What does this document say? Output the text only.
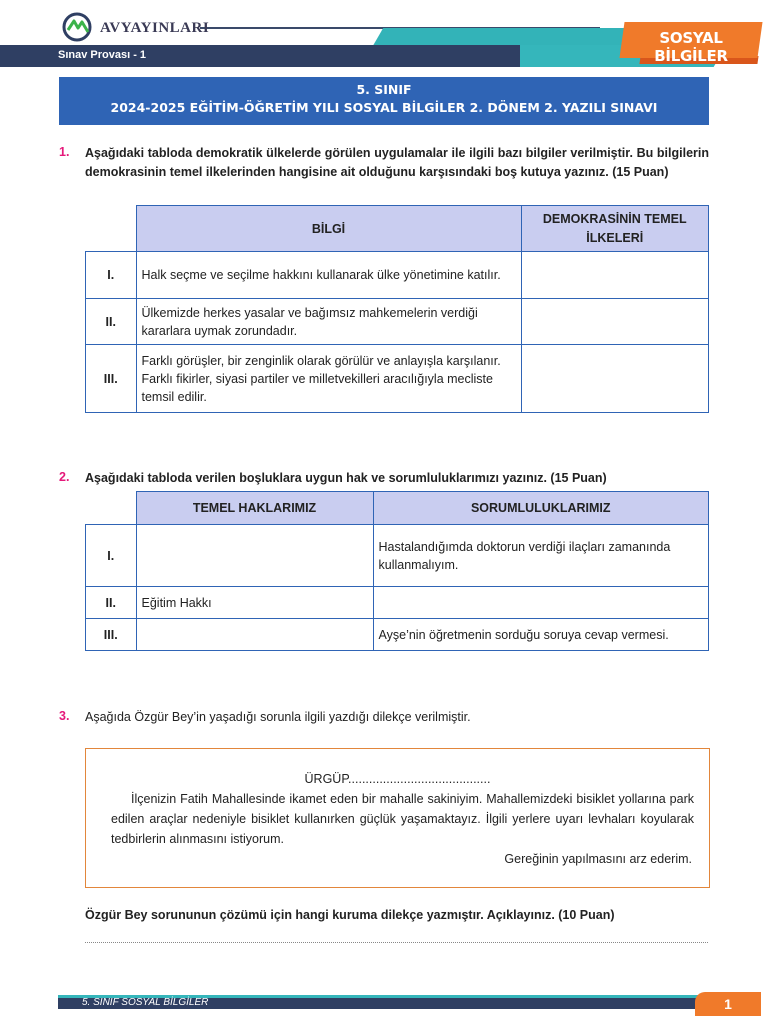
AVYAYINLARI
Sınav Provası - 1
SOSYAL BİLGİLER
5. SINIF
2024-2025 EĞİTİM-ÖĞRETİM YILI SOSYAL BİLGİLER 2. DÖNEM 2. YAZILI SINAVI
1. Aşağıdaki tabloda demokratik ülkelerde görülen uygulamalar ile ilgili bazı bilgiler verilmiştir. Bu bilgilerin demokrasinin temel ilkelerinden hangisine ait olduğunu karşısındaki boş kutuya yazınız. (15 Puan)
	BİLGİ	DEMOKRASİNİN TEMEL İLKELERİ
I.	Halk seçme ve seçilme hakkını kullanarak ülke yönetimine katılır.	
II.	Ülkemizde herkes yasalar ve bağımsız mahkemelerin verdiği kararlara uymak zorundadır.	
III.	Farklı görüşler, bir zenginlik olarak görülür ve anlayışla karşılanır. Farklı fikirler, siyasi partiler ve milletvekilleri aracılığıyla mecliste temsil edilir.	
2. Aşağıdaki tabloda verilen boşluklara uygun hak ve sorumluluklarımızı yazınız. (15 Puan)
	TEMEL HAKLARIMIZ	SORUMLULUKLARIMIZ
I.		Hastalandığımda doktorun verdiği ilaçları zamanında kullanmalıyım.
II.	Eğitim Hakkı	
III.		Ayşe’nin öğretmenin sorduğu soruya cevap vermesi.
3. Aşağıda Özgür Bey’in yaşadığı sorunla ilgili yazdığı dilekçe verilmiştir.
ÜRGÜP.........................................
İlçenizin Fatih Mahallesinde ikamet eden bir mahalle sakiniyim. Mahallemizdeki bisiklet yollarına park edilen araçlar nedeniyle bisiklet kullanırken güçlük yaşamaktayız. İlgili yerlere uyarı levhaları koyularak tedbirlerin alınmasını istiyorum.
Gereğinin yapılmasını arz ederim.
Özgür Bey sorununun çözümü için hangi kuruma dilekçe yazmıştır. Açıklayınız. (10 Puan)
5. SINIF SOSYAL BİLGİLER	1
